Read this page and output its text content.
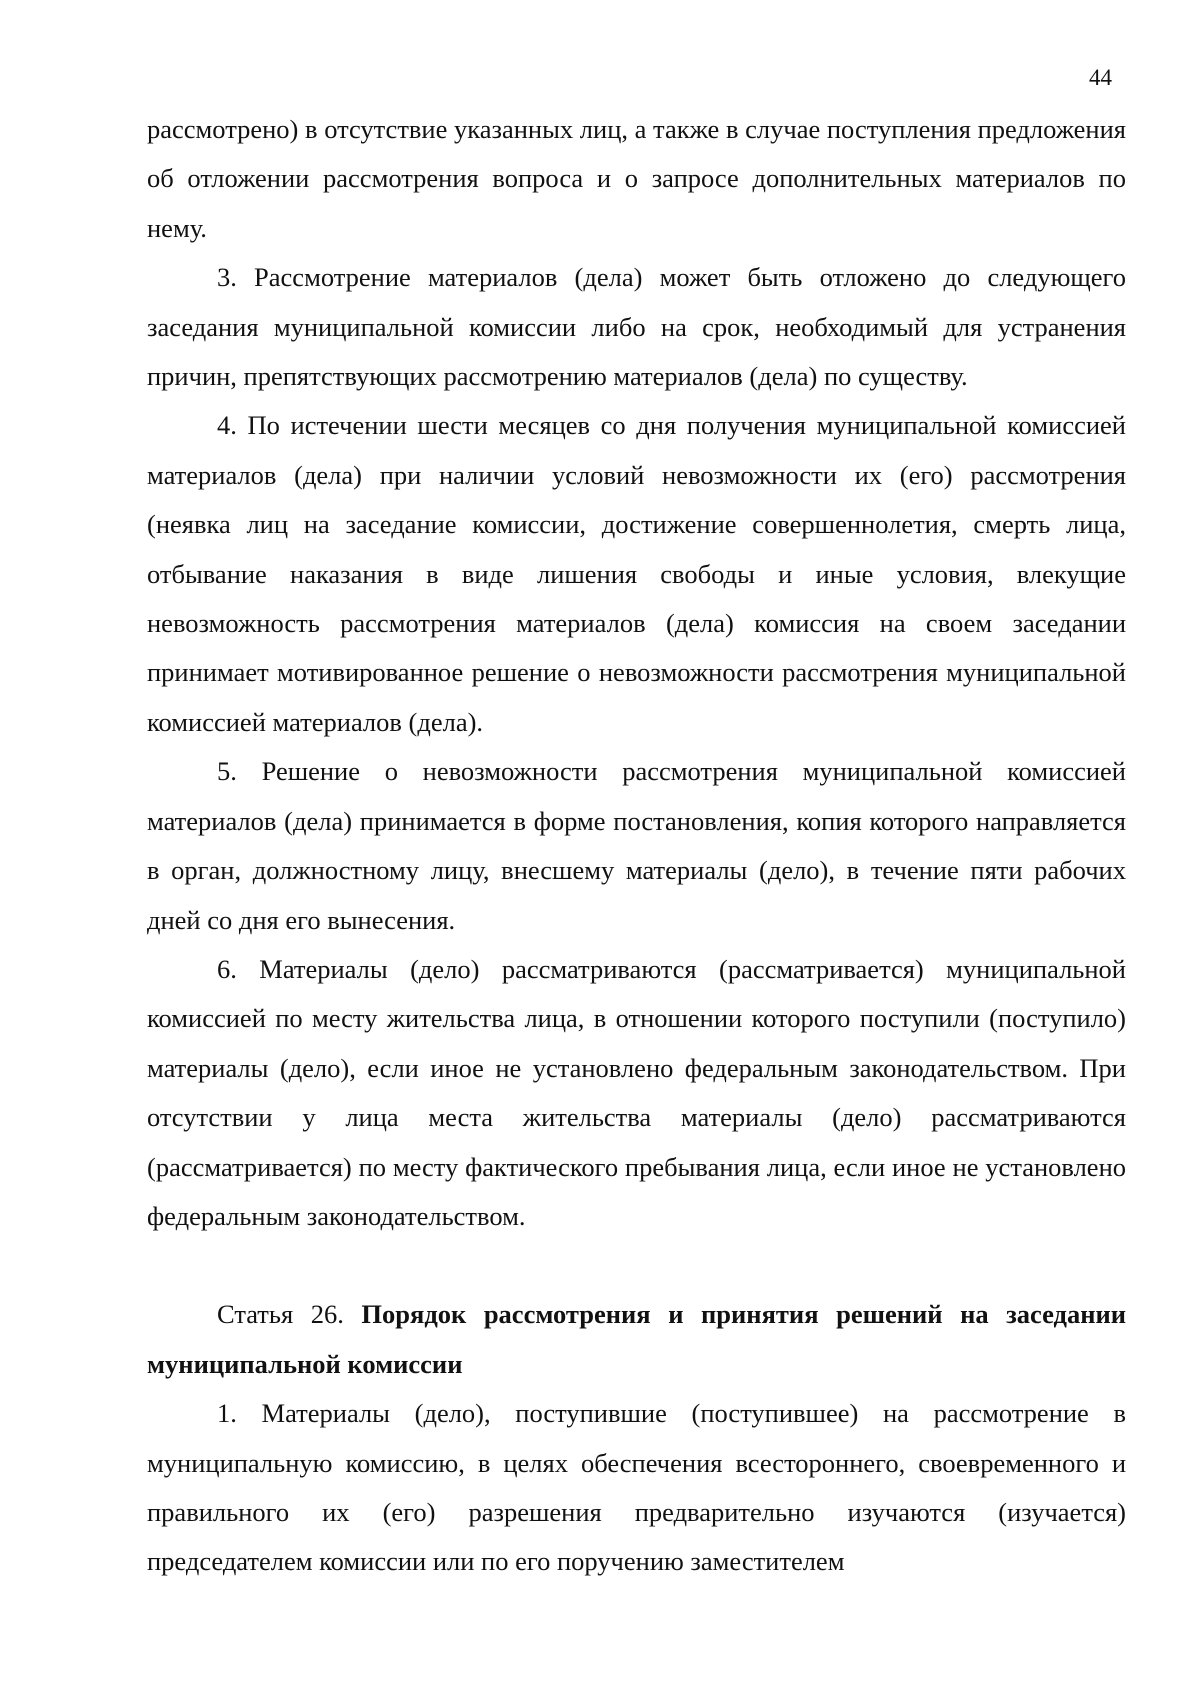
44

рассмотрено) в отсутствие указанных лиц, а также в случае поступления предложения об отложении рассмотрения вопроса и о запросе дополнительных материалов по нему.

3. Рассмотрение материалов (дела) может быть отложено до следующего заседания муниципальной комиссии либо на срок, необходимый для устранения причин, препятствующих рассмотрению материалов (дела) по существу.

4. По истечении шести месяцев со дня получения муниципальной комиссией материалов (дела) при наличии условий невозможности их (его) рассмотрения (неявка лиц на заседание комиссии, достижение совершеннолетия, смерть лица, отбывание наказания в виде лишения свободы и иные условия, влекущие невозможность рассмотрения материалов (дела) комиссия на своем заседании принимает мотивированное решение о невозможности рассмотрения муниципальной комиссией материалов (дела).

5. Решение о невозможности рассмотрения муниципальной комиссией материалов (дела) принимается в форме постановления, копия которого направляется в орган, должностному лицу, внесшему материалы (дело), в течение пяти рабочих дней со дня его вынесения.

6. Материалы (дело) рассматриваются (рассматривается) муниципальной комиссией по месту жительства лица, в отношении которого поступили (поступило) материалы (дело), если иное не установлено федеральным законодательством. При отсутствии у лица места жительства материалы (дело) рассматриваются (рассматривается) по месту фактического пребывания лица, если иное не установлено федеральным законодательством.

Статья 26. Порядок рассмотрения и принятия решений на заседании муниципальной комиссии

1. Материалы (дело), поступившие (поступившее) на рассмотрение в муниципальную комиссию, в целях обеспечения всестороннего, своевременного и правильного их (его) разрешения предварительно изучаются (изучается) председателем комиссии или по его поручению заместителем
